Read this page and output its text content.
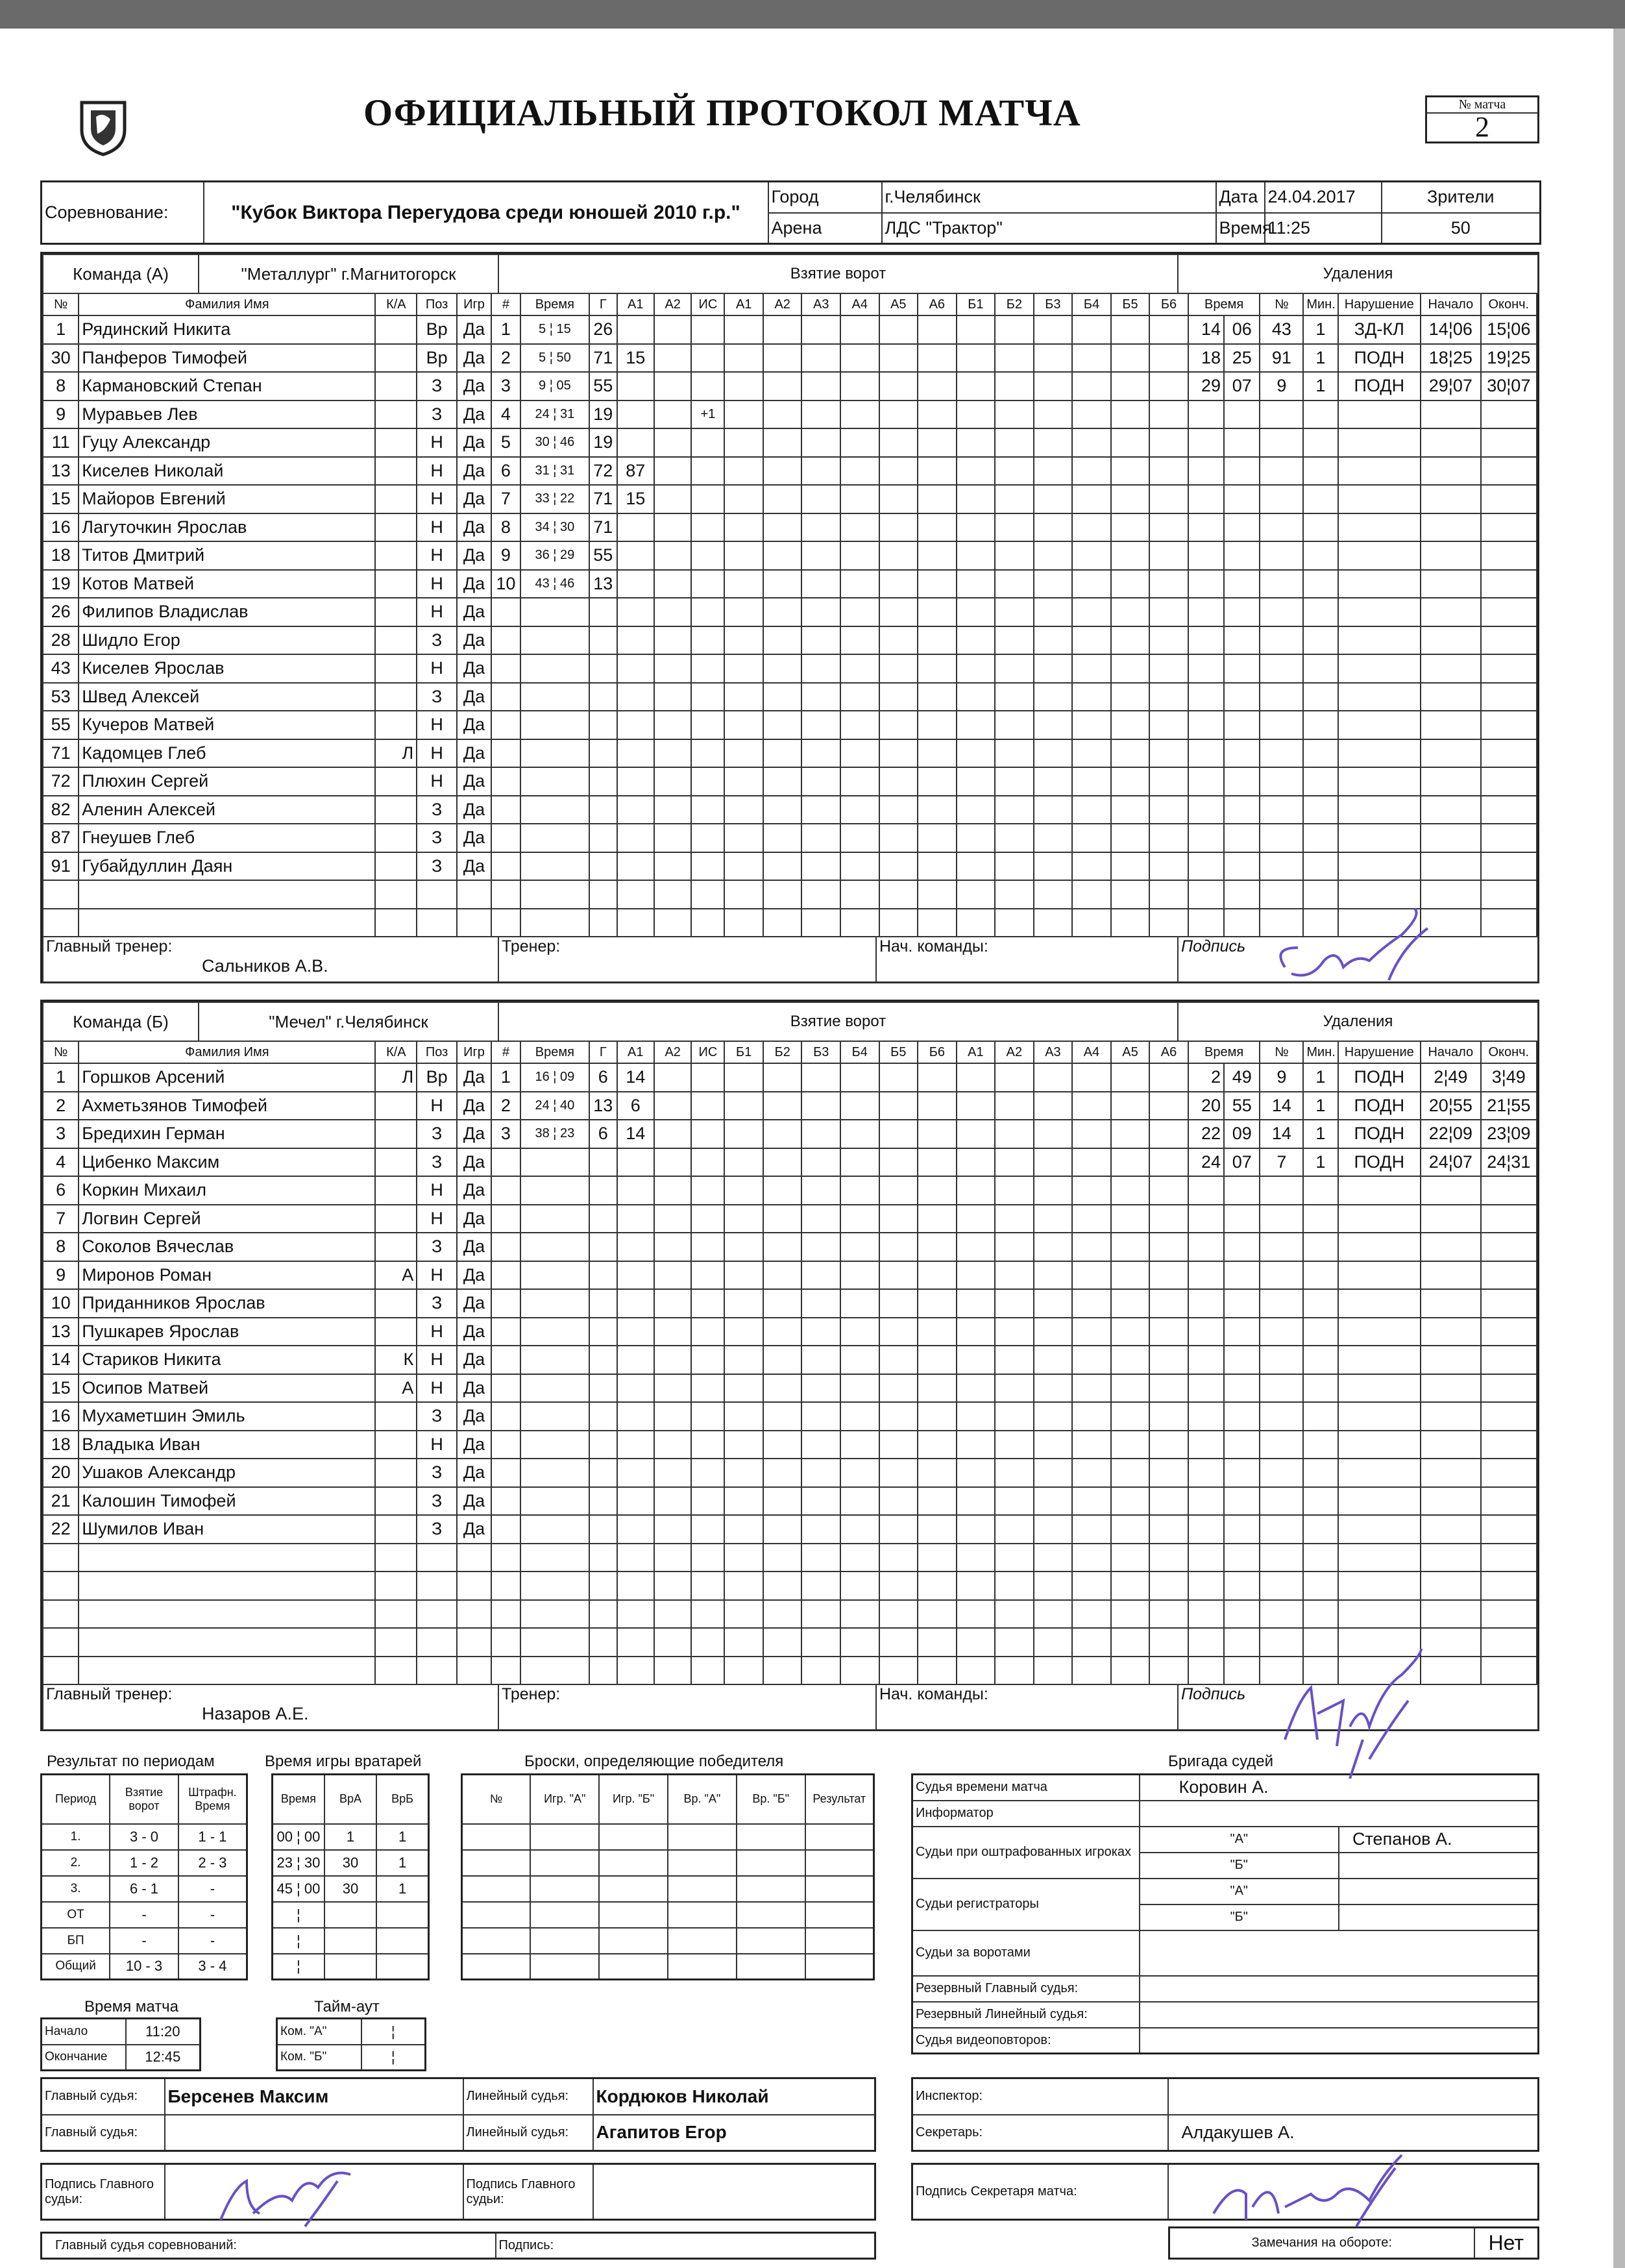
ОФИЦИАЛЬНЫЙ ПРОТОКОЛ МАТЧА	№ матча
2
Соревнование:	"Кубок Виктора Перегудова среди юношей 2010 г.р."	Город	г.Челябинск	Дата	24.04.2017	Зрители
		Арена	ЛДС "Трактор"	Время	11:25	50
Команда (А)	"Металлург" г.Магнитогорск	Взятие ворот	Удаления
№	Фамилия Имя	К/А	Поз	Игр	#	Время	Г	А1	А2	ИС	А1	А2	А3	А4	А5	А6	Б1	Б2	Б3	Б4	Б5	Б6	Время		№	Мин.	Нарушение	Начало	Оконч.
1	Рядинский Никита		Вр	Да	1	5 ¦ 15	26																14	06	43	1	ЗД-КЛ	14¦06	15¦06
30	Панферов Тимофей		Вр	Да	2	5 ¦ 50	71	15															18	25	91	1	ПОДН	18¦25	19¦25
8	Кармановский Степан		З	Да	3	9 ¦ 05	55																29	07	9	1	ПОДН	29¦07	30¦07
9	Муравьев Лев		З	Да	4	24 ¦ 31	19			+1																			
11	Гуцу Александр		Н	Да	5	30 ¦ 46	19																						
13	Киселев Николай		Н	Да	6	31 ¦ 31	72	87																					
15	Майоров Евгений		Н	Да	7	33 ¦ 22	71	15																					
16	Лагуточкин Ярослав		Н	Да	8	34 ¦ 30	71																						
18	Титов Дмитрий		Н	Да	9	36 ¦ 29	55																						
19	Котов Матвей		Н	Да	10	43 ¦ 46	13																						
26	Филипов Владислав		Н	Да																									
28	Шидло Егор		З	Да																									
43	Киселев Ярослав		Н	Да																									
53	Швед Алексей		З	Да																									
55	Кучеров Матвей		Н	Да																									
71	Кадомцев Глеб	Л	Н	Да																									
72	Плюхин Сергей		Н	Да																									
82	Аленин Алексей		З	Да																									
87	Гнеушев Глеб		З	Да																									
91	Губайдуллин Даян		З	Да																									

Главный тренер:
Сальников А.В.
	Тренер:	Нач. команды:	Подпись
Команда (Б)	"Мечел" г.Челябинск	Взятие ворот	Удаления
№	Фамилия Имя	К/А	Поз	Игр	#	Время	Г	А1	А2	ИС	Б1	Б2	Б3	Б4	Б5	Б6	А1	А2	А3	А4	А5	А6	Время		№	Мин.	Нарушение	Начало	Оконч.
1	Горшков Арсений	Л	Вр	Да	1	16 ¦ 09	6	14															2	49	9	1	ПОДН	2¦49	3¦49
2	Ахметьзянов Тимофей		Н	Да	2	24 ¦ 40	13	6															20	55	14	1	ПОДН	20¦55	21¦55
3	Бредихин Герман		З	Да	3	38 ¦ 23	6	14															22	09	14	1	ПОДН	22¦09	23¦09
4	Цибенко Максим		З	Да																			24	07	7	1	ПОДН	24¦07	24¦31
6	Коркин Михаил		Н	Да																									
7	Логвин Сергей		Н	Да																									
8	Соколов Вячеслав		З	Да																									
9	Миронов Роман	А	Н	Да																									
10	Приданников Ярослав		З	Да																									
13	Пушкарев Ярослав		Н	Да																									
14	Стариков Никита	К	Н	Да																									
15	Осипов Матвей	А	Н	Да																									
16	Мухаметшин Эмиль		З	Да																									
18	Владыка Иван		Н	Да																									
20	Ушаков Александр		З	Да																									
21	Калошин Тимофей		З	Да																									
22	Шумилов Иван		З	Да																									

Главный тренер:
Назаров А.Е.
	Тренер:	Нач. команды:	Подпись
Результат по периодам
Период	Взятие ворот	Штрафн. Время
1.	3 - 0	1 - 1
2.	1 - 2	2 - 3
3.	6 - 1	-
ОТ	-	-
БП	-	-
Общий	10 - 3	3 - 4
Время игры вратарей
Время	ВрА	ВрБ
00 ¦ 00	1	1
23 ¦ 30	30	1
45 ¦ 00	30	1
¦		
¦		
¦		
Броски, определяющие победителя
№	Игр. "А"	Игр. "Б"	Вр. "А"	Вр. "Б"	Результат

Время матча
Начало	11:20
Окончание	12:45
Тайм-аут
Ком. "А"	¦
Ком. "Б"	¦
Бригада судей
Судья времени матча	Коровин А.	
Информатор		
Судьи при оштрафованных игроках	"А"	Степанов А.
	"Б"	
Судьи регистраторы	"А"	
	"Б"	
Судьи за воротами		
Резервный Главный судья:		
Резервный Линейный судья:		
Судья видеоповторов:		
Инспектор:	
Секретарь:	Алдакушев А.
Подпись Секретаря матча:	
Главный судья:	Берсенев Максим	Линейный судья:	Кордюков Николай
Главный судья:		Линейный судья:	Агапитов Егор
Подпись Главного судьи:		Подпись Главного судьи:	
Главный судья соревнований:	Подпись:	Замечания на обороте:	Нет
